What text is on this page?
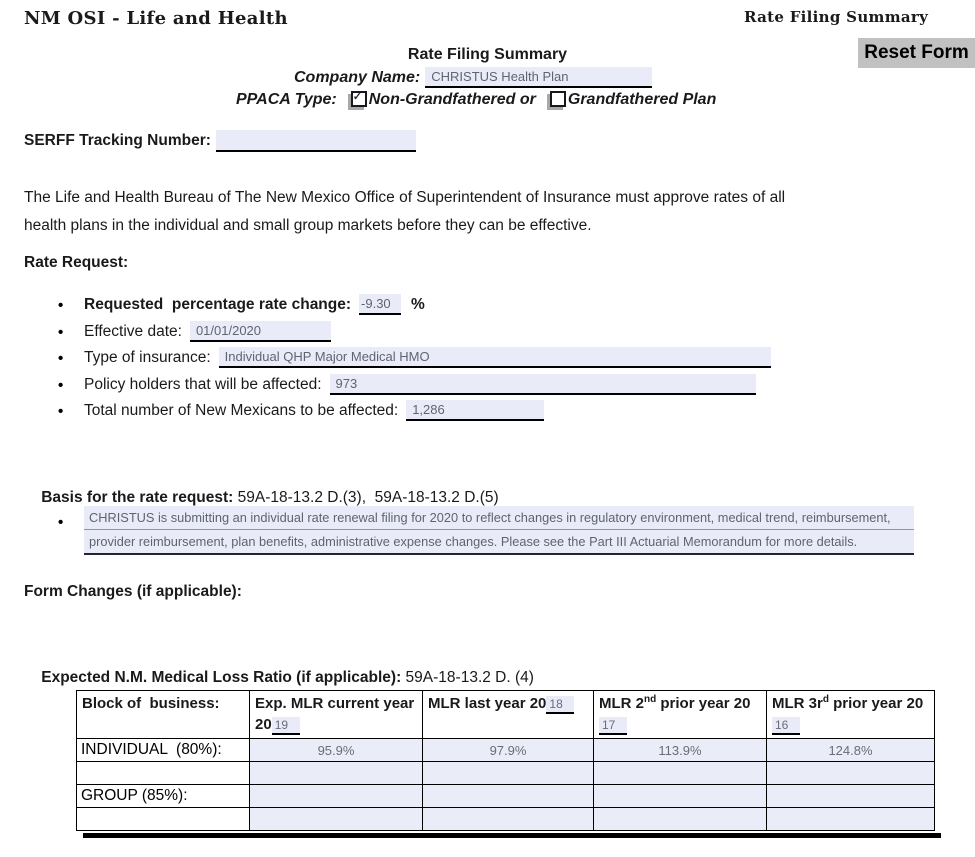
NM OSI - Life and Health	Rate Filing Summary
Reset Form
Rate Filing Summary
Company Name: CHRISTUS Health Plan
PPACA Type: ✓ Non-Grandfathered or Grandfathered Plan
SERFF Tracking Number:
The Life and Health Bureau of The New Mexico Office of Superintendent of Insurance must approve rates of all
health plans in the individual and small group markets before they can be effective.
Rate Request:
• Requested  percentage rate change: -9.30	%
• Effective date:	01/01/2020
• Type of insurance:	Individual QHP Major Medical HMO
• Policy holders that will be affected:	973
• Total number of New Mexicans to be affected:	1,286

Basis for the rate request: 59A-18-13.2 D.(3),  59A-18-13.2 D.(5)

• CHRISTUS is submitting an individual rate renewal filing for 2020 to reflect changes in regulatory environment, medical trend, reimbursement,
provider reimbursement, plan benefits, administrative expense changes. Please see the Part III Actuarial Memorandum for more details.
Form Changes (if applicable):

Expected N.M. Medical Loss Ratio (if applicable): 59A-18-13.2 D. (4)

Block of  business:	Exp. MLR current year 20 19	MLR last year 20 18	MLR 2nd prior year 2017	MLR $3r^d$ prior year 2016
INDIVIDUAL  (80%):	95.9%	97.9%	113.9%	124.8%

GROUP (85%):				
